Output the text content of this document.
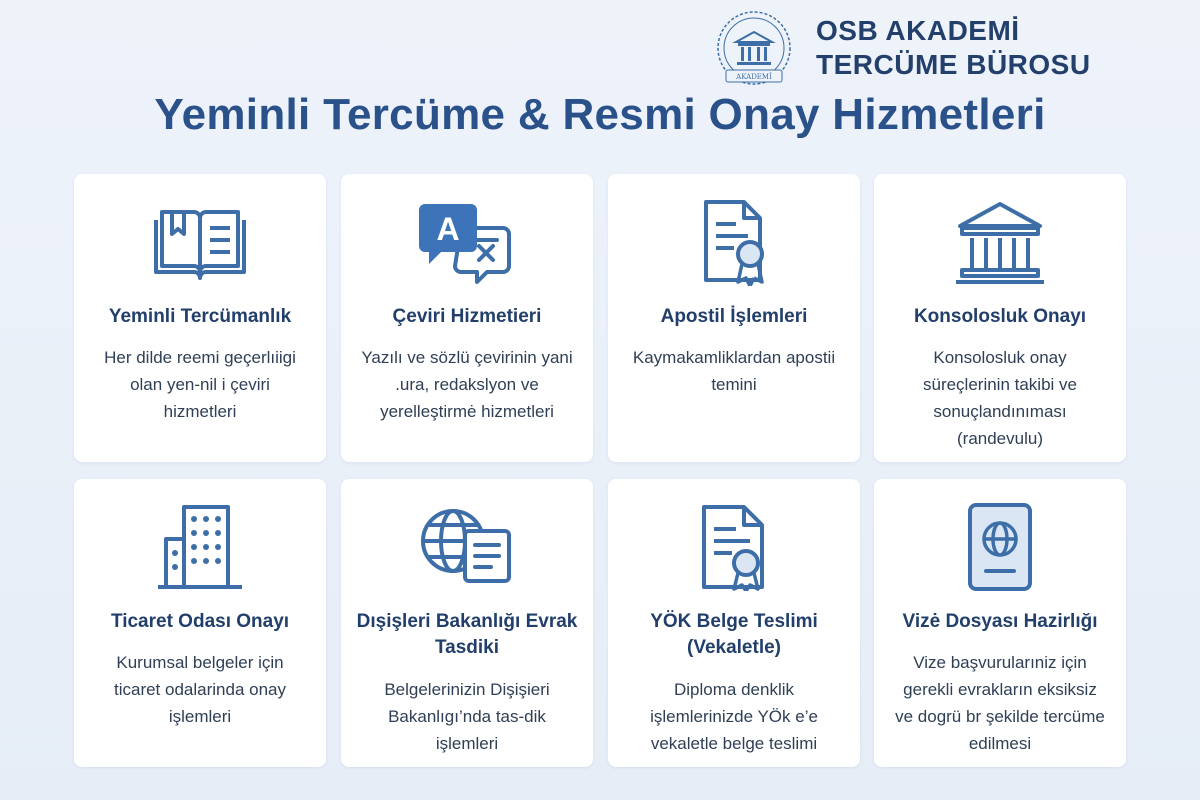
AKADEMİ
OSB AKADEMİ
TERCÜME BÜROSU
Yeminli Tercüme & Resmi Onay Hizmetleri
Yeminli Tercümanlık
Her dilde reemi geçerlıiigi olan yen-nil i çeviri hizmetleri
A
Çeviri Hizmetieri
Yazılı ve sözlü çevirinin yani .ura, redakslyon ve yerelleştirmė hizmetleri
Apostil İşlemleri
Kaymakamliklardan apostii temini
Konsolosluk Onayı
Konsolosluk onay süreçlerinin takibi ve sonuçlandınıması (randevulu)
Ticaret Odası Onayı
Kurumsal belgeler için ticaret odalarinda onay işlemleri
Dışişleri Bakanlığı Evrak Tasdiki
Belgelerinizin Dişişieri Bakanlıgı’nda tas-dik işlemleri
YÖK Belge Teslimi (Vekaletle)
Diploma denklik işlemlerinizde YÖk e’e vekaletle belge teslimi
Vizė Dosyası Hazirlığı
Vize başvurularıniz için gerekli evrakların eksiksiz ve dogrü br şekilde tercüme edilmesi
